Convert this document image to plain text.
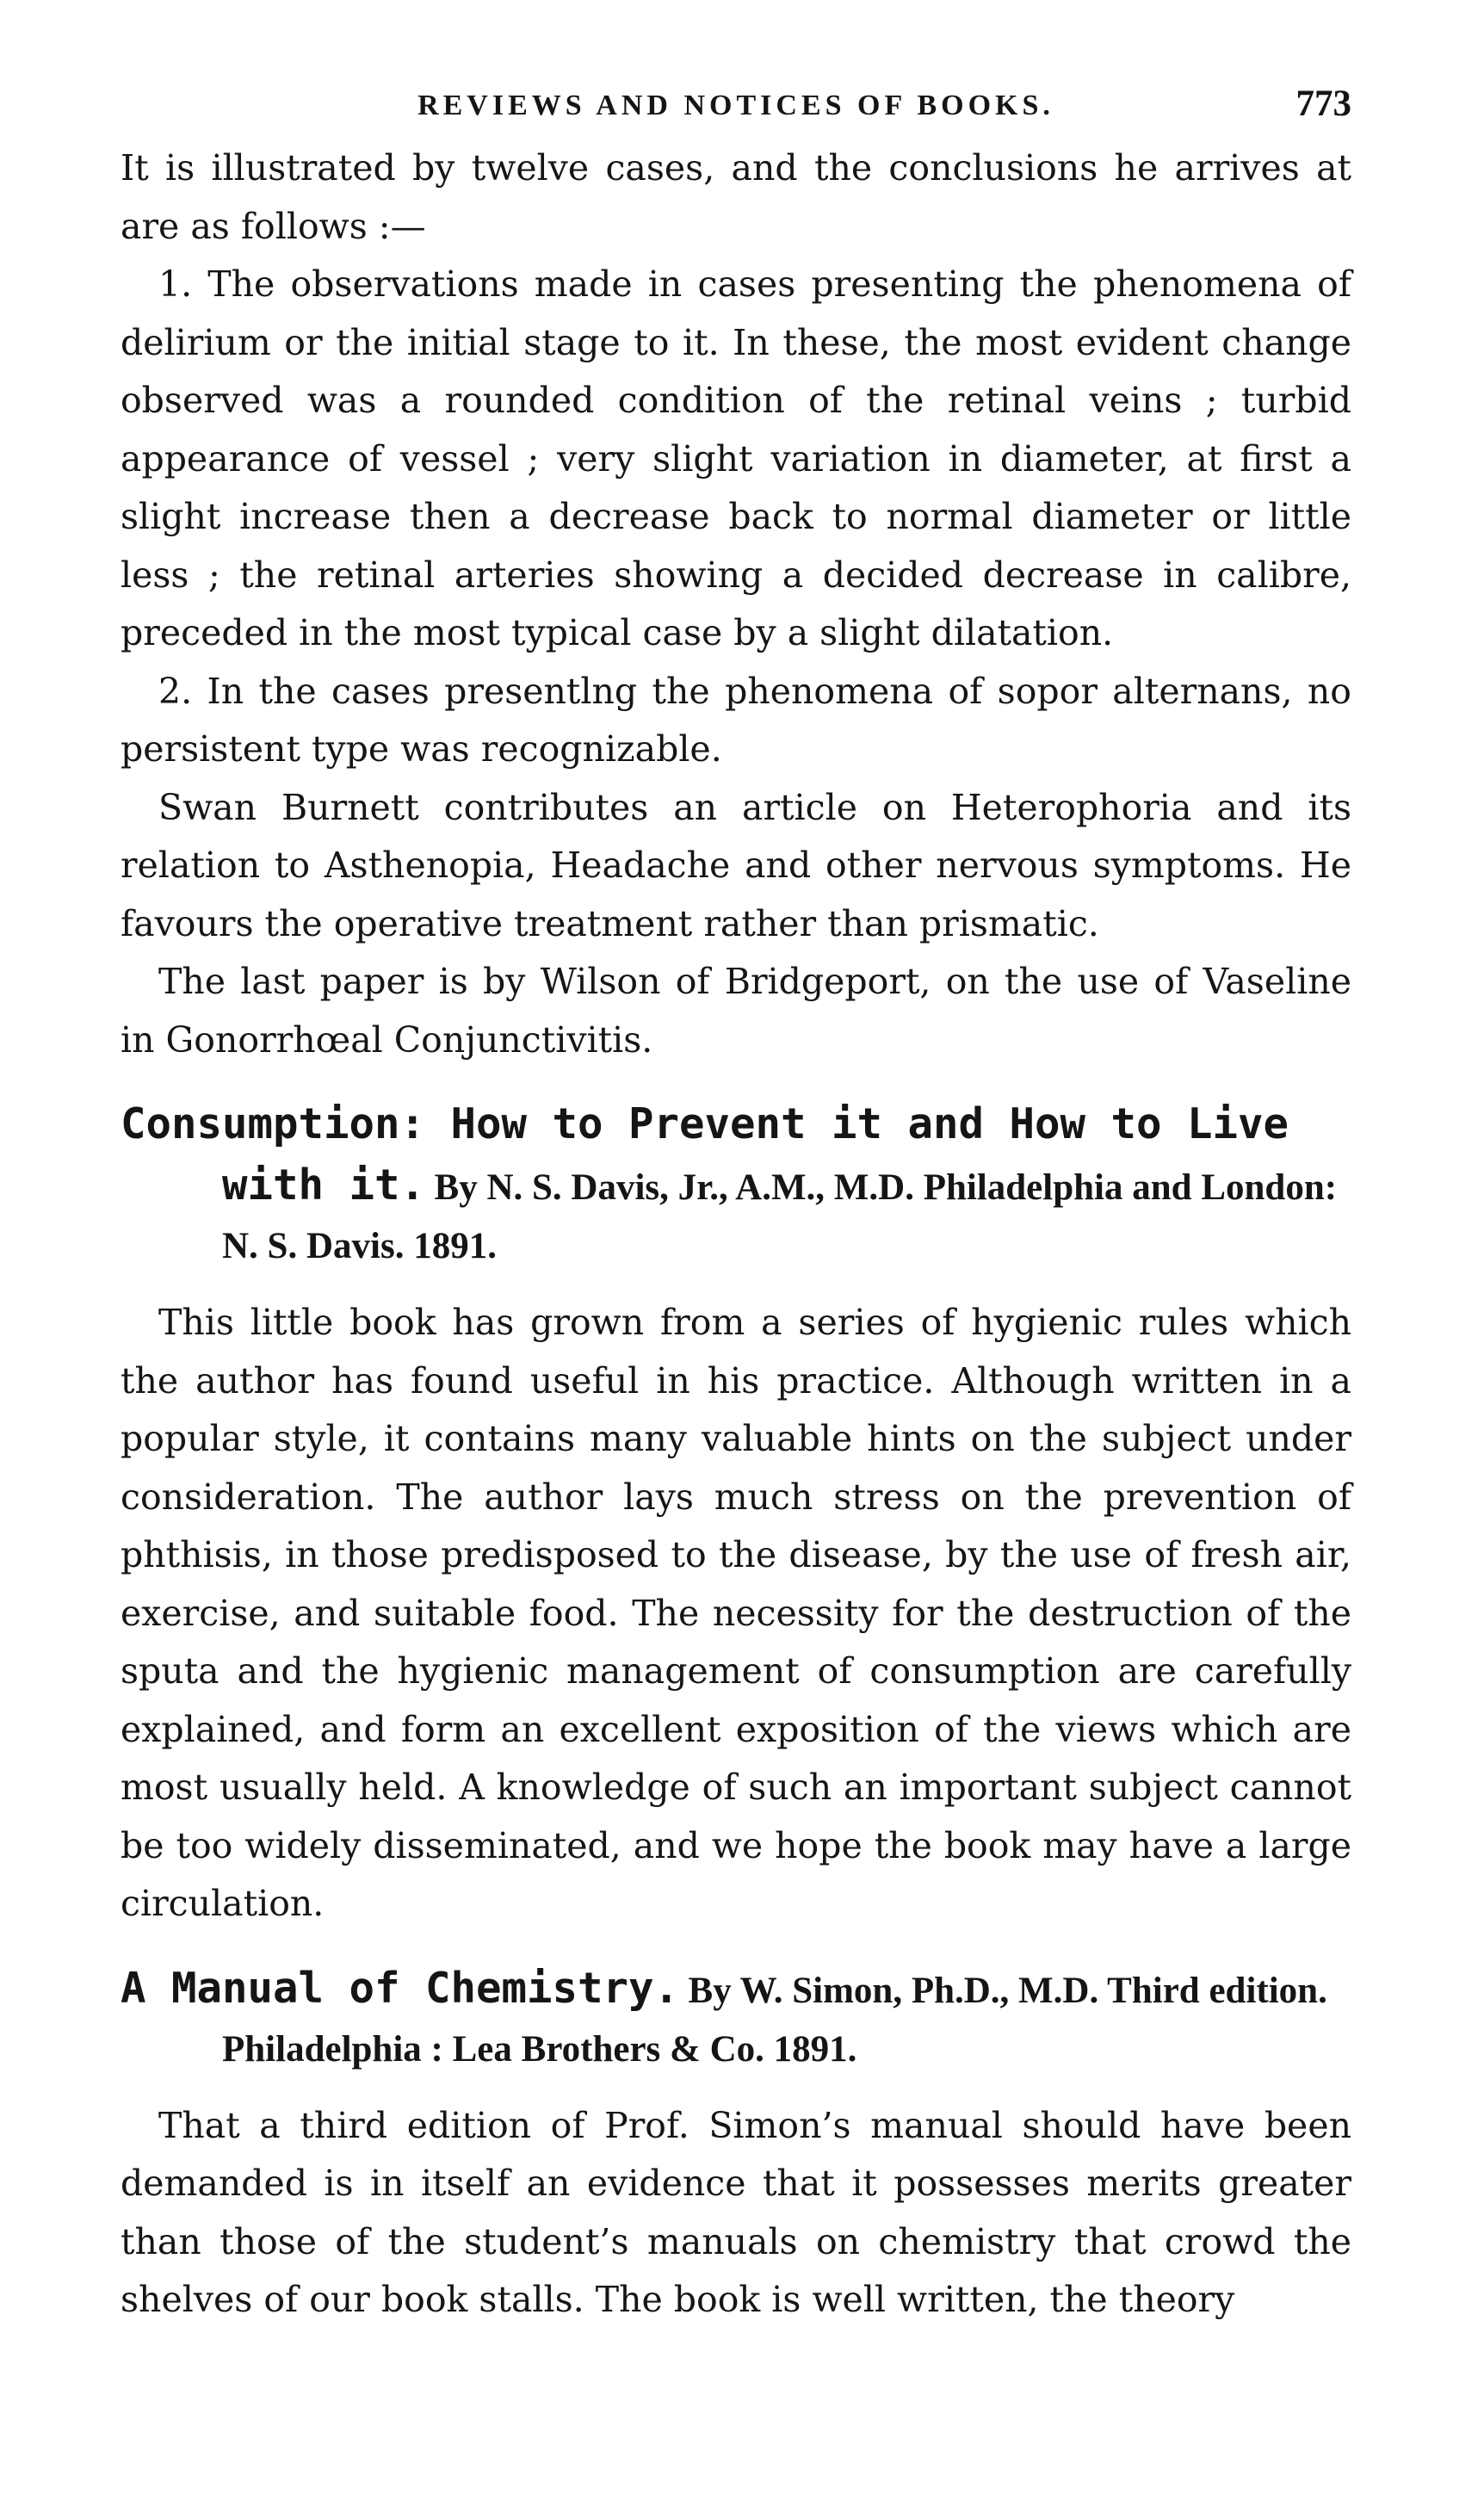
REVIEWS AND NOTICES OF BOOKS.	773

It is illustrated by twelve cases, and the conclusions he arrives at are as follows :—

1. The observations made in cases presenting the phenomena of delirium or the initial stage to it. In these, the most evident change observed was a rounded condition of the retinal veins ; turbid appearance of vessel ; very slight variation in diameter, at first a slight increase then a decrease back to normal diameter or little less ; the retinal arteries showing a decided decrease in calibre, preceded in the most typical case by a slight dilatation.

2. In the cases presentlng the phenomena of sopor alternans, no persistent type was recognizable.

Swan Burnett contributes an article on Heterophoria and its relation to Asthenopia, Headache and other nervous symptoms. He favours the operative treatment rather than prismatic.

The last paper is by Wilson of Bridgeport, on the use of Vaseline in Gonorrhœal Conjunctivitis.

Consumption: How to Prevent it and How to Live with it. By N. S. Davis, Jr., A.M., M.D. Philadelphia and London: N. S. Davis. 1891.

This little book has grown from a series of hygienic rules which the author has found useful in his practice. Although written in a popular style, it contains many valuable hints on the subject under consideration. The author lays much stress on the prevention of phthisis, in those predisposed to the disease, by the use of fresh air, exercise, and suitable food. The necessity for the destruction of the sputa and the hygienic management of consumption are carefully explained, and form an excellent exposition of the views which are most usually held. A knowledge of such an important subject cannot be too widely disseminated, and we hope the book may have a large circulation.

A Manual of Chemistry. By W. Simon, Ph.D., M.D. Third edition. Philadelphia : Lea Brothers & Co. 1891.

That a third edition of Prof. Simon’s manual should have been demanded is in itself an evidence that it possesses merits greater than those of the student’s manuals on chemistry that crowd the shelves of our book stalls. The book is well written, the theory
